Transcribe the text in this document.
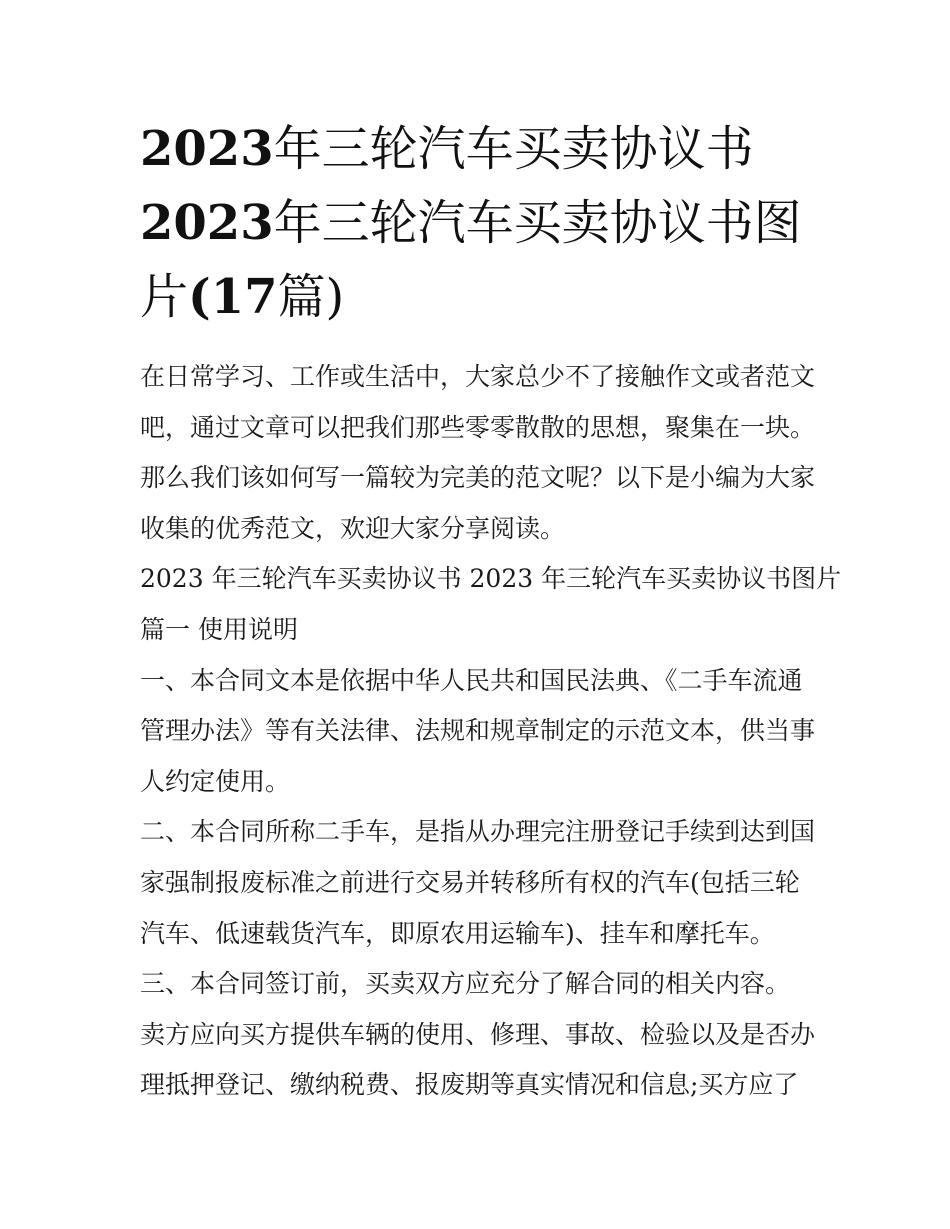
2023年三轮汽车买卖协议书
2023年三轮汽车买卖协议书图
片(17篇)
在日常学习、工作或生活中，大家总少不了接触作文或者范文
吧，通过文章可以把我们那些零零散散的思想，聚集在一块。
那么我们该如何写一篇较为完美的范文呢？以下是小编为大家
收集的优秀范文，欢迎大家分享阅读。
2023 年三轮汽车买卖协议书 2023 年三轮汽车买卖协议书图片
篇一 使用说明
一、本合同文本是依据中华人民共和国民法典、《二手车流通
管理办法》等有关法律、法规和规章制定的示范文本，供当事
人约定使用。
二、本合同所称二手车，是指从办理完注册登记手续到达到国
家强制报废标准之前进行交易并转移所有权的汽车(包括三轮
汽车、低速载货汽车，即原农用运输车)、挂车和摩托车。
三、本合同签订前，买卖双方应充分了解合同的相关内容。
卖方应向买方提供车辆的使用、修理、事故、检验以及是否办
理抵押登记、缴纳税费、报废期等真实情况和信息;买方应了
